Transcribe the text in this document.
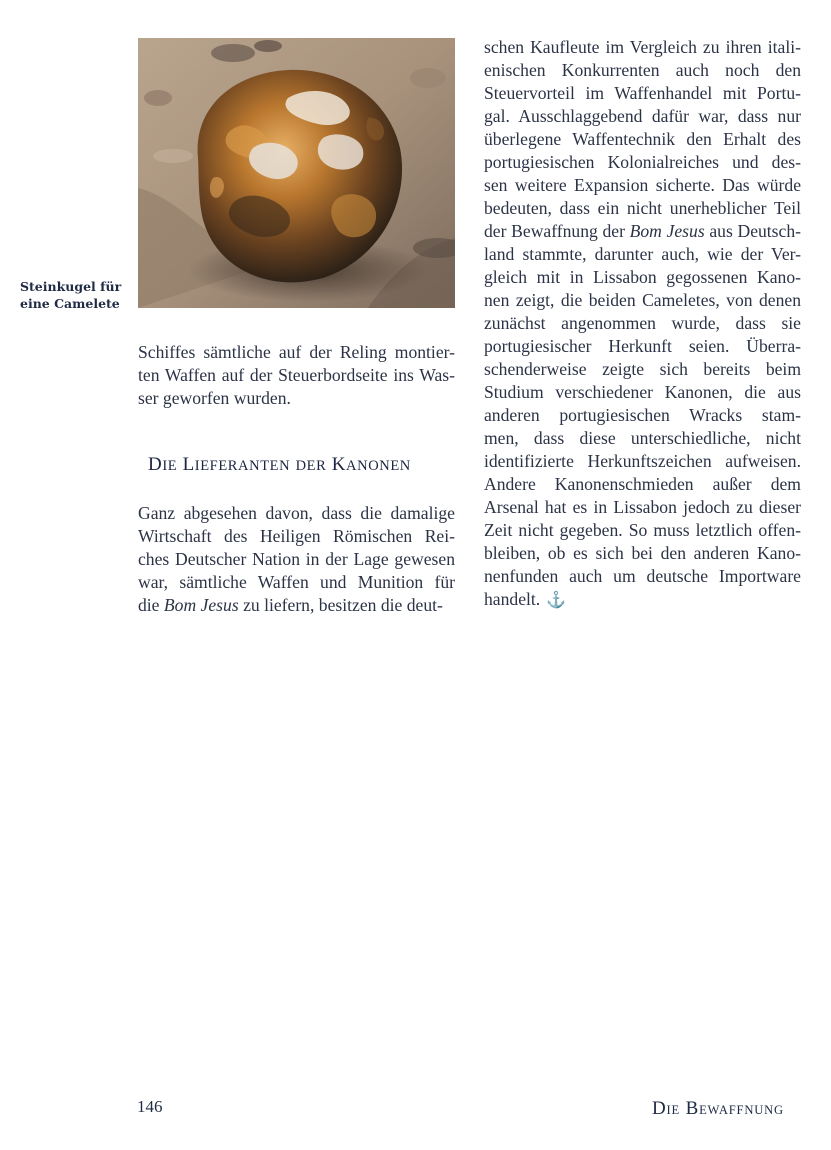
Steinkugel für
eine Camelete
Schiffes sämtliche auf der Reling montier-
ten Waffen auf der Steuerbordseite ins Was-
ser geworfen wurden.
DIE LIEFERANTEN DER KANONEN
Ganz abgesehen davon, dass die damalige
Wirtschaft des Heiligen Römischen Rei-
ches Deutscher Nation in der Lage gewesen
war, sämtliche Waffen und Munition für
die Bom Jesus zu liefern, besitzen die deut-
schen Kaufleute im Vergleich zu ihren itali-
enischen Konkurrenten auch noch den
Steuervorteil im Waffenhandel mit Portu-
gal. Ausschlaggebend dafür war, dass nur
überlegene Waffentechnik den Erhalt des
portugiesischen Kolonialreiches und des-
sen weitere Expansion sicherte. Das würde
bedeuten, dass ein nicht unerheblicher Teil
der Bewaffnung der Bom Jesus aus Deutsch-
land stammte, darunter auch, wie der Ver-
gleich mit in Lissabon gegossenen Kano-
nen zeigt, die beiden Cameletes, von denen
zunächst angenommen wurde, dass sie
portugiesischer Herkunft seien. Überra-
schenderweise zeigte sich bereits beim
Studium verschiedener Kanonen, die aus
anderen portugiesischen Wracks stam-
men, dass diese unterschiedliche, nicht
identifizierte Herkunftszeichen aufweisen.
Andere Kanonenschmieden außer dem
Arsenal hat es in Lissabon jedoch zu dieser
Zeit nicht gegeben. So muss letztlich offen-
bleiben, ob es sich bei den anderen Kano-
nenfunden auch um deutsche Importware
handelt. ⚓
146	DIE BEWAFFNUNG
